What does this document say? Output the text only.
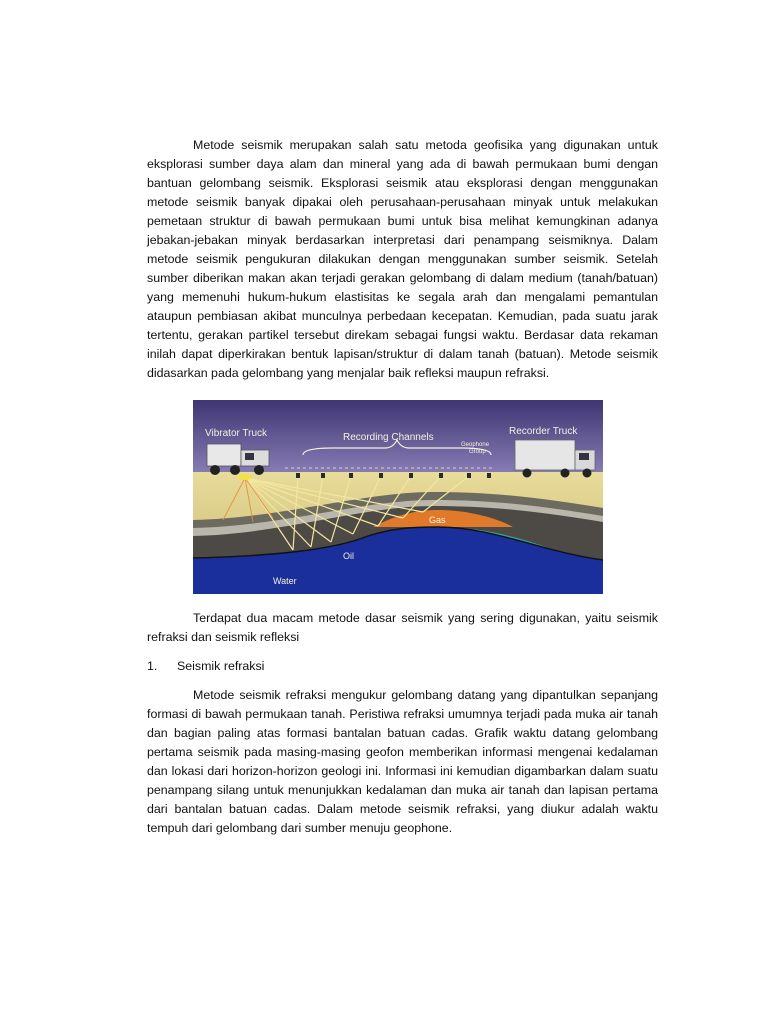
Metode seismik merupakan salah satu metoda geofisika yang digunakan untuk eksplorasi sumber daya alam dan mineral yang ada di bawah permukaan bumi dengan bantuan gelombang seismik. Eksplorasi seismik atau eksplorasi dengan menggunakan metode seismik banyak dipakai oleh perusahaan-perusahaan minyak untuk melakukan pemetaan struktur di bawah permukaan bumi untuk bisa melihat kemungkinan adanya jebakan-jebakan minyak berdasarkan interpretasi dari penampang seismiknya. Dalam metode seismik pengukuran dilakukan dengan menggunakan sumber seismik. Setelah sumber diberikan makan akan terjadi gerakan gelombang di dalam medium (tanah/batuan) yang memenuhi hukum-hukum elastisitas ke segala arah dan mengalami pemantulan ataupun pembiasan akibat munculnya perbedaan kecepatan. Kemudian, pada suatu jarak tertentu, gerakan partikel tersebut direkam sebagai fungsi waktu. Berdasar data rekaman inilah dapat diperkirakan bentuk lapisan/struktur di dalam tanah (batuan). Metode seismik didasarkan pada gelombang yang menjalar baik refleksi maupun refraksi.

Vibrator Truck	Recording Channels
Geophone
Group
Recorder Truck
Gas
Oil
Water

Terdapat dua macam metode dasar seismik yang sering digunakan, yaitu seismik refraksi dan seismik refleksi

1. Seismik refraksi

Metode seismik refraksi mengukur gelombang datang yang dipantulkan sepanjang formasi di bawah permukaan tanah. Peristiwa refraksi umumnya terjadi pada muka air tanah dan bagian paling atas formasi bantalan batuan cadas. Grafik waktu datang gelombang pertama seismik pada masing-masing geofon memberikan informasi mengenai kedalaman dan lokasi dari horizon-horizon geologi ini. Informasi ini kemudian digambarkan dalam suatu penampang silang untuk menunjukkan kedalaman dan muka air tanah dan lapisan pertama dari bantalan batuan cadas. Dalam metode seismik refraksi, yang diukur adalah waktu tempuh dari gelombang dari sumber menuju geophone.
